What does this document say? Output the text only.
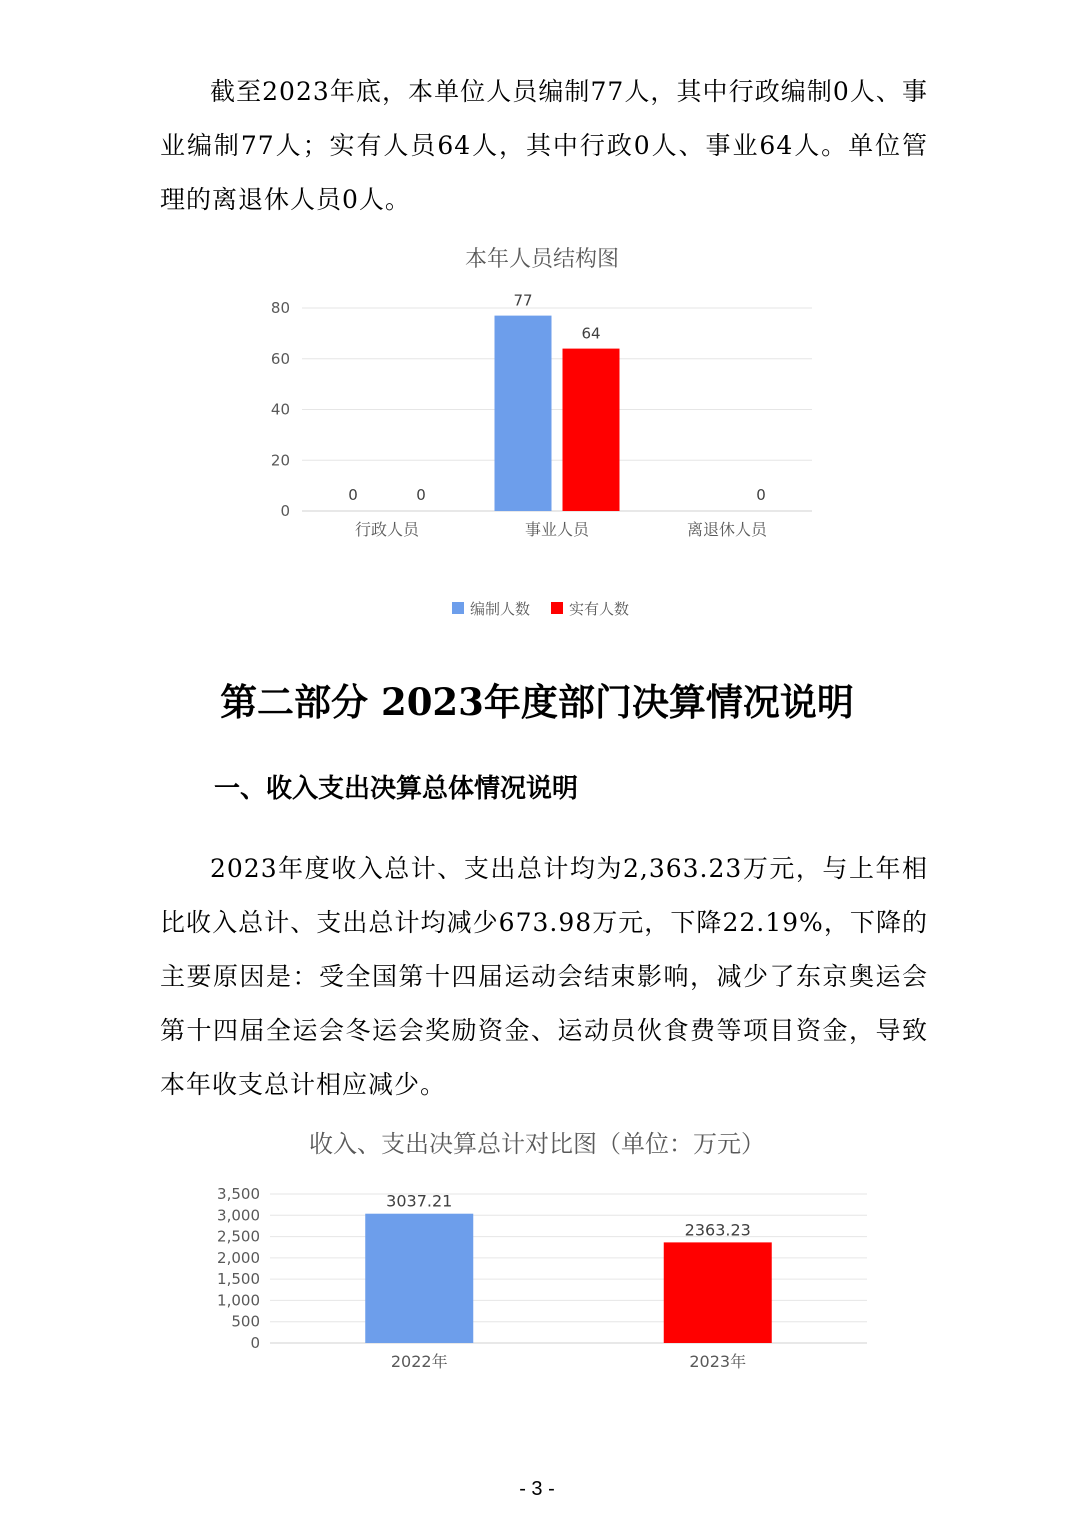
截至2023年底，本单位人员编制77人，其中行政编制0人、事业编制77人；实有人员64人，其中行政0人、事业64人。单位管理的离退休人员0人。

本年人员结构图
0
20
40
60
80
0	0
77
64
0
行政人员	事业人员	离退休人员
编制人数	实有人数
第二部分 2023年度部门决算情况说明
一、收入支出决算总体情况说明

2023年度收入总计、支出总计均为2,363.23万元，与上年相比收入总计、支出总计均减少673.98万元，下降22.19%，下降的主要原因是：受全国第十四届运动会结束影响，减少了东京奥运会第十四届全运会冬运会奖励资金、运动员伙食费等项目资金，导致本年收支总计相应减少。

收入、支出决算总计对比图（单位：万元）
0
500
1,000
1,500
2,000
2,500
3,000
3,500	3037.21
2363.23
2022年	2023年
- 3 -
